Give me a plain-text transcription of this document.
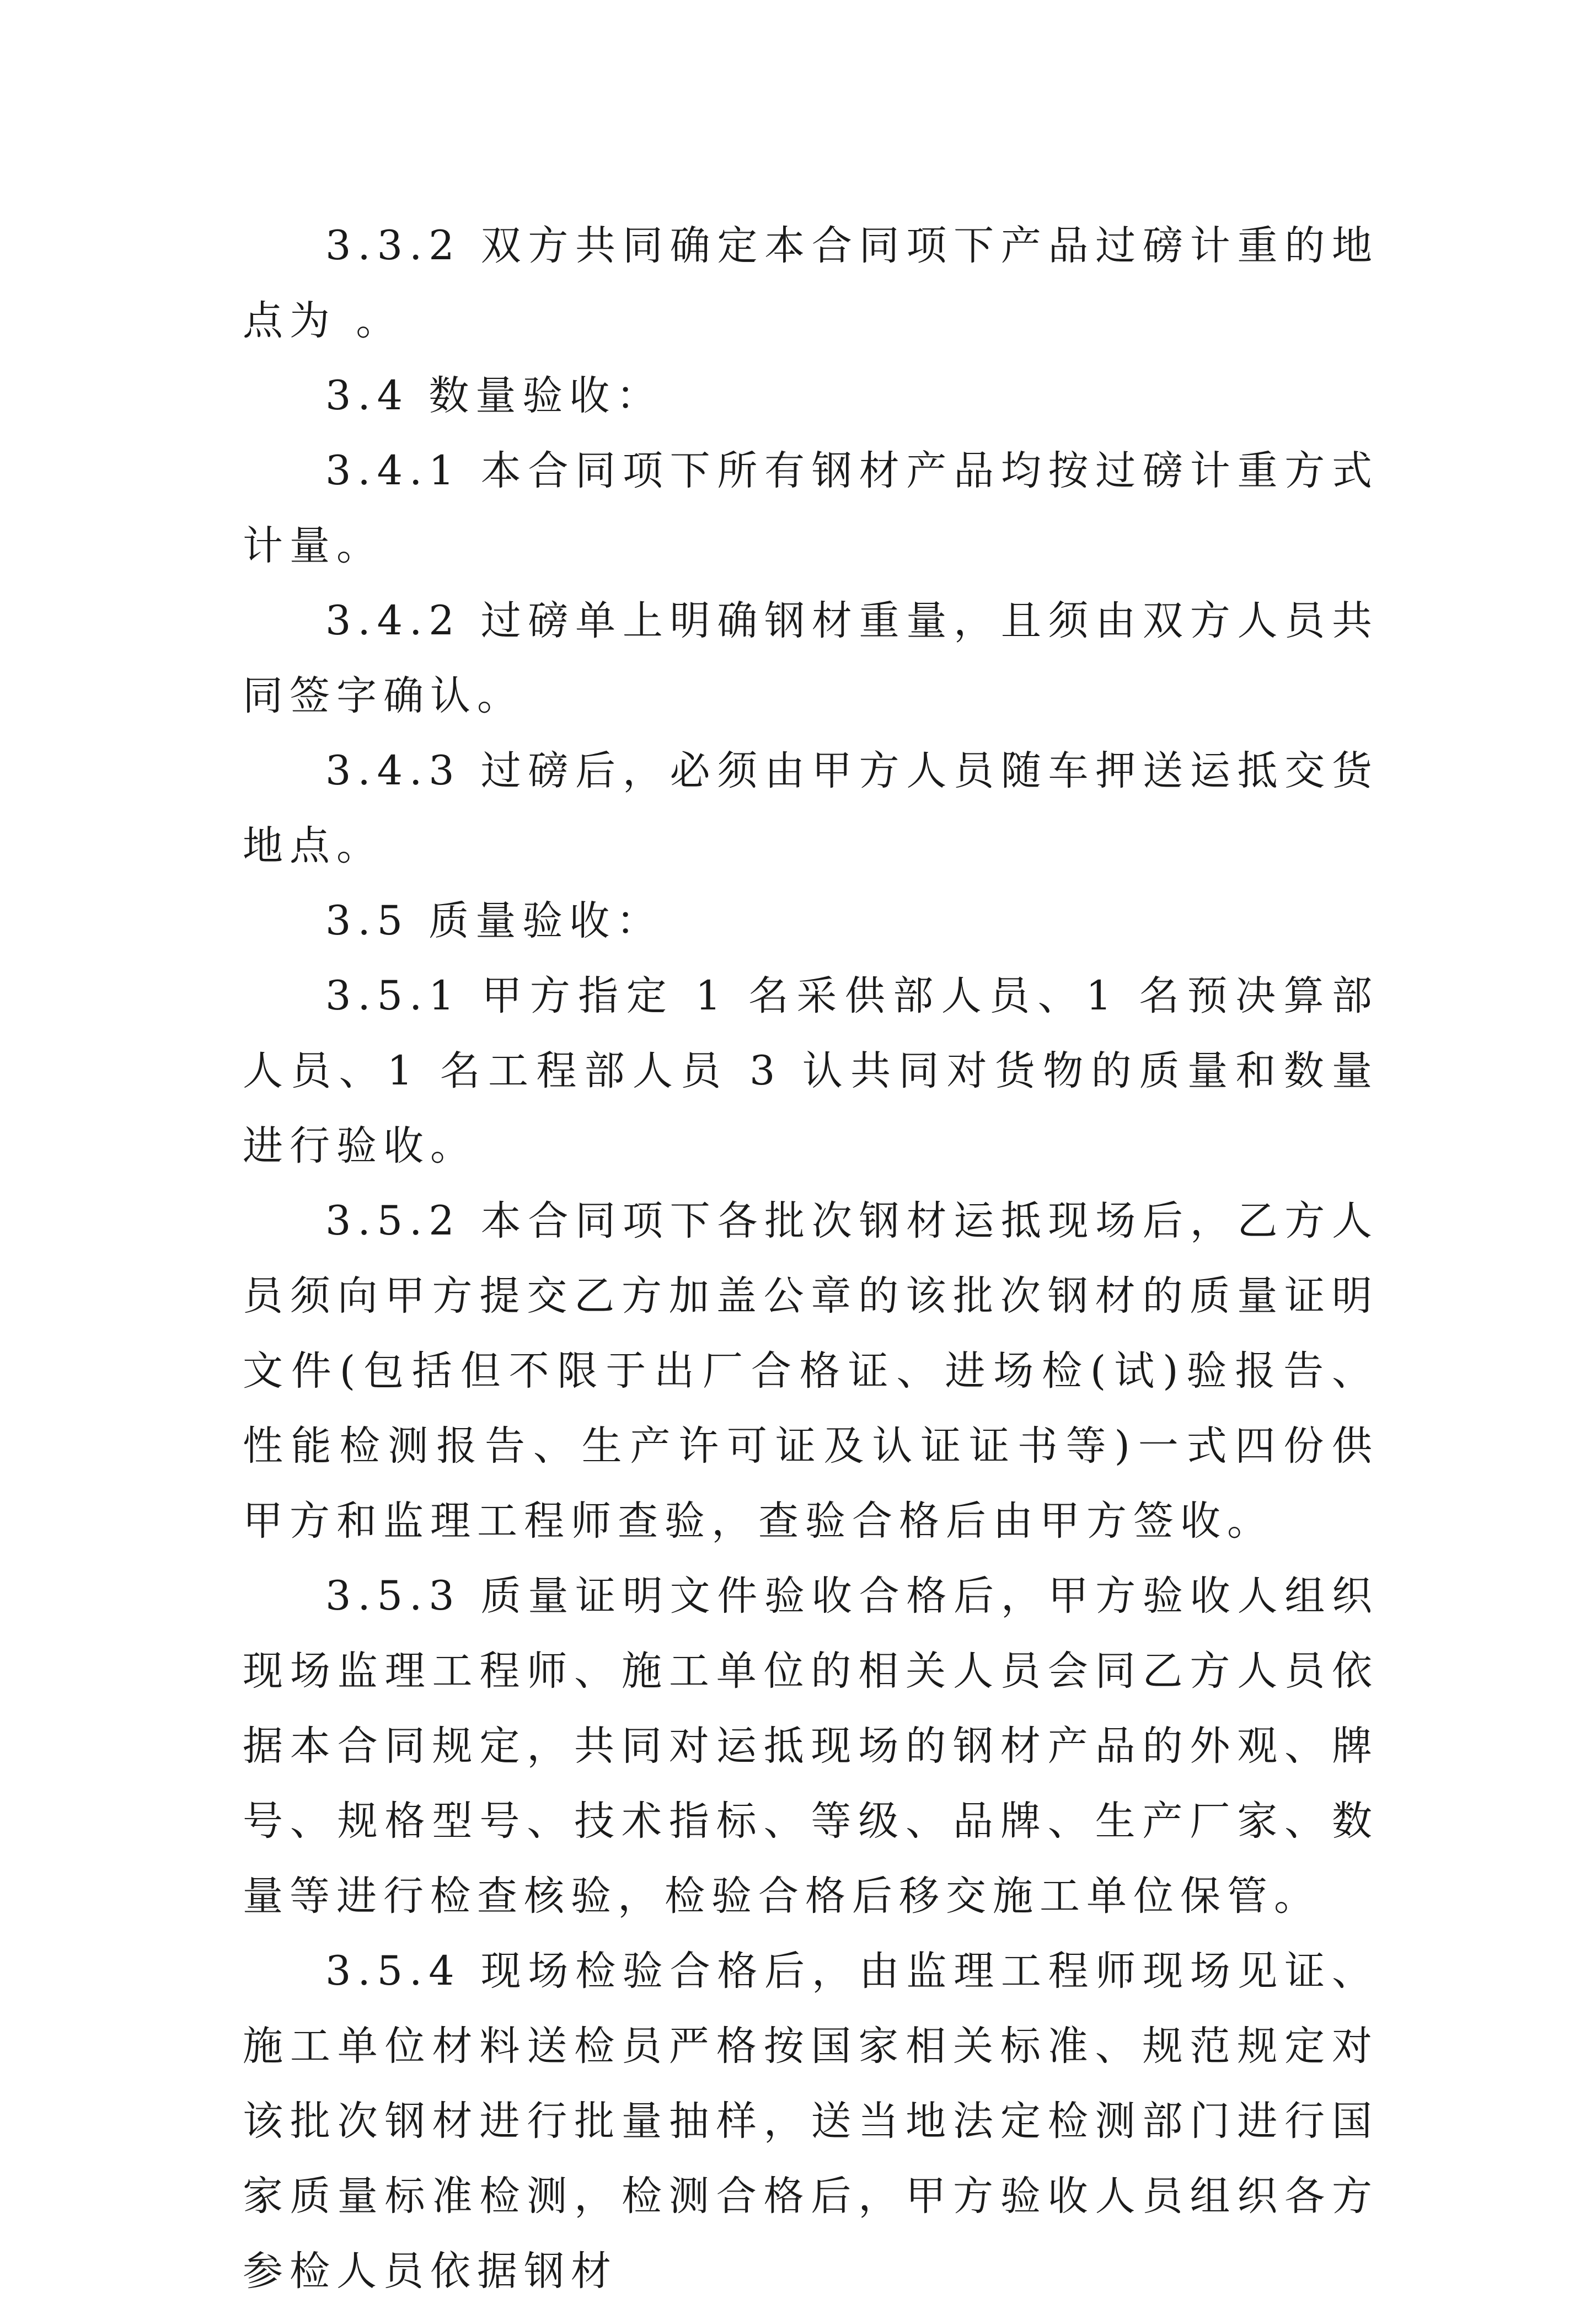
3.3.2 双方共同确定本合同项下产品过磅计重的地点为 。

3.4 数量验收：

3.4.1 本合同项下所有钢材产品均按过磅计重方式计量。

3.4.2 过磅单上明确钢材重量，且须由双方人员共同签字确认。

3.4.3 过磅后，必须由甲方人员随车押送运抵交货地点。

3.5 质量验收：

3.5.1 甲方指定 1 名采供部人员、1 名预决算部人员、1 名工程部人员 3 认共同对货物的质量和数量进行验收。

3.5.2 本合同项下各批次钢材运抵现场后，乙方人员须向甲方提交乙方加盖公章的该批次钢材的质量证明文件(包括但不限于出厂合格证、进场检(试)验报告、性能检测报告、生产许可证及认证证书等)一式四份供甲方和监理工程师查验，查验合格后由甲方签收。

3.5.3 质量证明文件验收合格后，甲方验收人组织现场监理工程师、施工单位的相关人员会同乙方人员依据本合同规定，共同对运抵现场的钢材产品的外观、牌号、规格型号、技术指标、等级、品牌、生产厂家、数量等进行检查核验，检验合格后移交施工单位保管。

3.5.4 现场检验合格后，由监理工程师现场见证、施工单位材料送检员严格按国家相关标准、规范规定对该批次钢材进行批量抽样，送当地法定检测部门进行国家质量标准检测，检测合格后，甲方验收人员组织各方参检人员依据钢材
